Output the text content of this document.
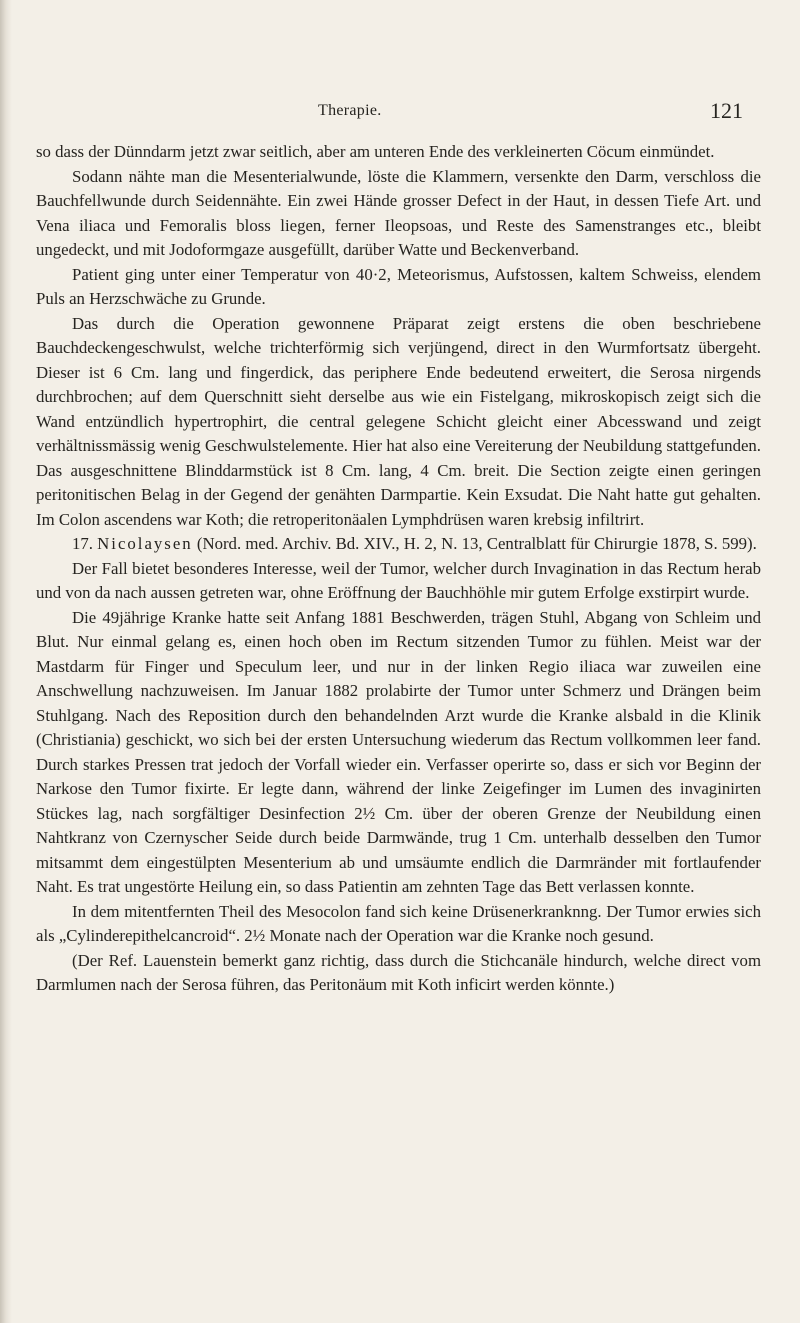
Therapie.	121

so dass der Dünndarm jetzt zwar seitlich, aber am unteren Ende des verkleinerten Cöcum einmündet.

Sodann nähte man die Mesenterialwunde, löste die Klammern, versenkte den Darm, verschloss die Bauchfellwunde durch Seidennähte. Ein zwei Hände grosser Defect in der Haut, in dessen Tiefe Art. und Vena iliaca und Femoralis bloss liegen, ferner Ileopsoas, und Reste des Samenstranges etc., bleibt ungedeckt, und mit Jodoformgaze ausgefüllt, darüber Watte und Beckenverband.

Patient ging unter einer Temperatur von 40·2, Meteorismus, Aufstossen, kaltem Schweiss, elendem Puls an Herzschwäche zu Grunde.

Das durch die Operation gewonnene Präparat zeigt erstens die oben beschriebene Bauchdeckengeschwulst, welche trichterförmig sich verjüngend, direct in den Wurmfortsatz übergeht. Dieser ist 6 Cm. lang und fingerdick, das periphere Ende bedeutend erweitert, die Serosa nirgends durchbrochen; auf dem Querschnitt sieht derselbe aus wie ein Fistelgang, mikroskopisch zeigt sich die Wand entzündlich hypertrophirt, die central gelegene Schicht gleicht einer Abcesswand und zeigt verhältnissmässig wenig Geschwulstelemente. Hier hat also eine Vereiterung der Neubildung stattgefunden. Das ausgeschnittene Blinddarmstück ist 8 Cm. lang, 4 Cm. breit. Die Section zeigte einen geringen peritonitischen Belag in der Gegend der genähten Darmpartie. Kein Exsudat. Die Naht hatte gut gehalten. Im Colon ascendens war Koth; die retroperitonäalen Lymphdrüsen waren krebsig infiltrirt.

17. Nicolaysen (Nord. med. Archiv. Bd. XIV., H. 2, N. 13, Centralblatt für Chirurgie 1878, S. 599).

Der Fall bietet besonderes Interesse, weil der Tumor, welcher durch Invagination in das Rectum herab und von da nach aussen getreten war, ohne Eröffnung der Bauchhöhle mir gutem Erfolge exstirpirt wurde.

Die 49jährige Kranke hatte seit Anfang 1881 Beschwerden, trägen Stuhl, Abgang von Schleim und Blut. Nur einmal gelang es, einen hoch oben im Rectum sitzenden Tumor zu fühlen. Meist war der Mastdarm für Finger und Speculum leer, und nur in der linken Regio iliaca war zuweilen eine Anschwellung nachzuweisen. Im Januar 1882 prolabirte der Tumor unter Schmerz und Drängen beim Stuhlgang. Nach des Reposition durch den behandelnden Arzt wurde die Kranke alsbald in die Klinik (Christiania) geschickt, wo sich bei der ersten Untersuchung wiederum das Rectum vollkommen leer fand. Durch starkes Pressen trat jedoch der Vorfall wieder ein. Verfasser operirte so, dass er sich vor Beginn der Narkose den Tumor fixirte. Er legte dann, während der linke Zeigefinger im Lumen des invaginirten Stückes lag, nach sorgfältiger Desinfection 2½ Cm. über der oberen Grenze der Neubildung einen Nahtkranz von Czernyscher Seide durch beide Darmwände, trug 1 Cm. unterhalb desselben den Tumor mitsammt dem eingestülpten Mesenterium ab und umsäumte endlich die Darmränder mit fortlaufender Naht. Es trat ungestörte Heilung ein, so dass Patientin am zehnten Tage das Bett verlassen konnte.

In dem mitentfernten Theil des Mesocolon fand sich keine Drüsenerkranknng. Der Tumor erwies sich als „Cylinderepithelcancroid“. 2½ Monate nach der Operation war die Kranke noch gesund.

(Der Ref. Lauenstein bemerkt ganz richtig, dass durch die Stichcanäle hindurch, welche direct vom Darmlumen nach der Serosa führen, das Peritonäum mit Koth inficirt werden könnte.)
